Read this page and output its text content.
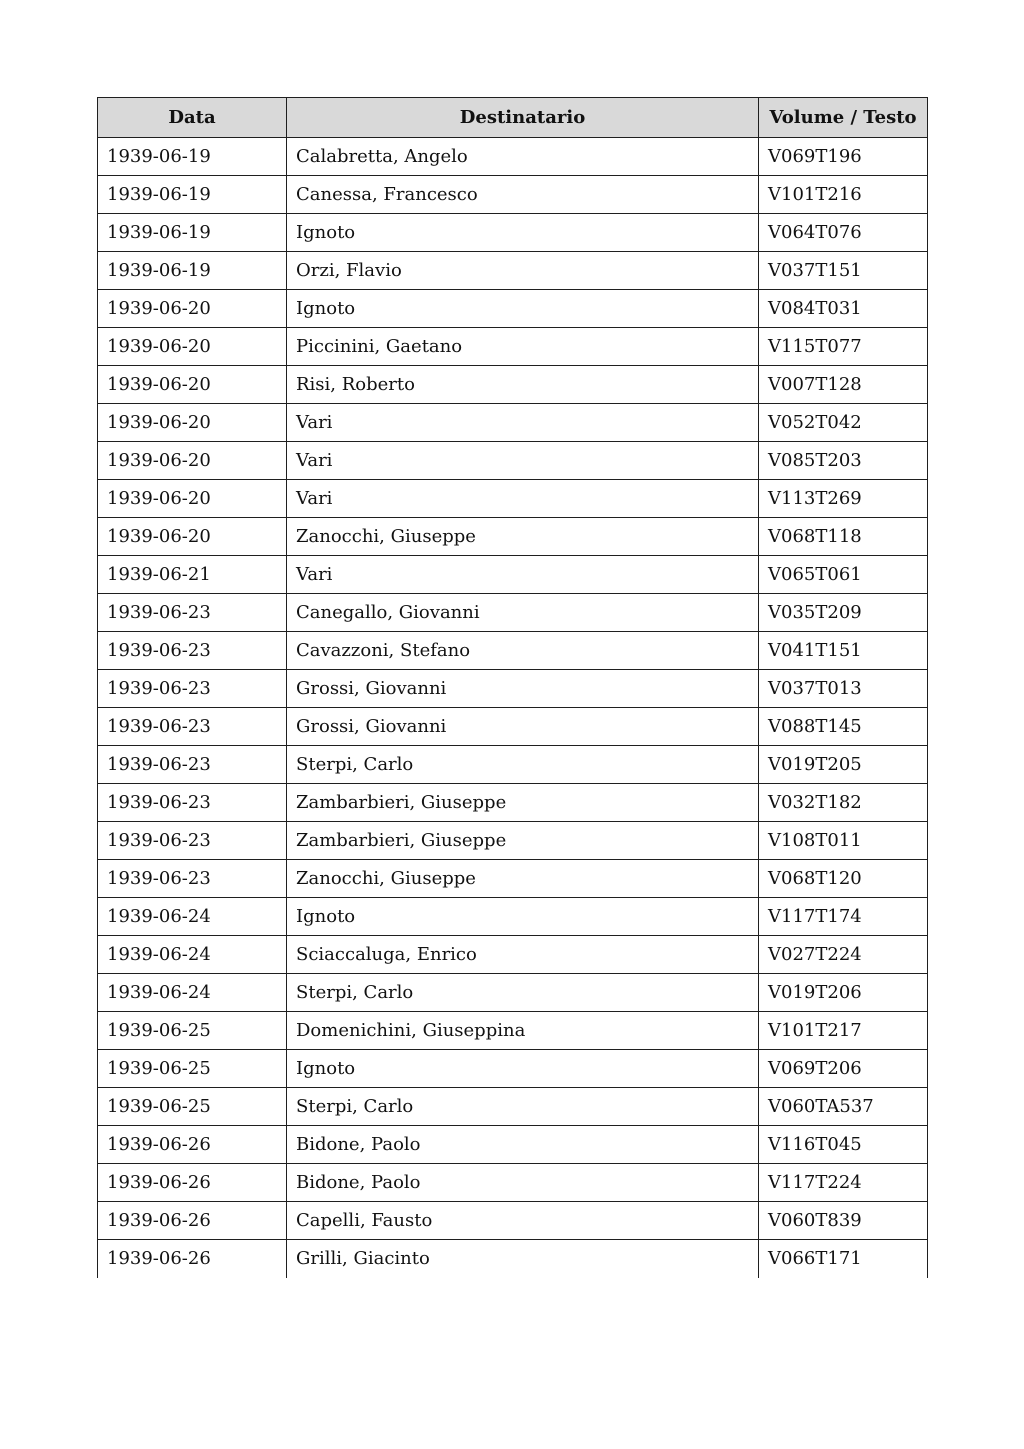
Data	Destinatario	Volume / Testo
1939-06-19	Calabretta, Angelo	V069T196
1939-06-19	Canessa, Francesco	V101T216
1939-06-19	Ignoto	V064T076
1939-06-19	Orzi, Flavio	V037T151
1939-06-20	Ignoto	V084T031
1939-06-20	Piccinini, Gaetano	V115T077
1939-06-20	Risi, Roberto	V007T128
1939-06-20	Vari	V052T042
1939-06-20	Vari	V085T203
1939-06-20	Vari	V113T269
1939-06-20	Zanocchi, Giuseppe	V068T118
1939-06-21	Vari	V065T061
1939-06-23	Canegallo, Giovanni	V035T209
1939-06-23	Cavazzoni, Stefano	V041T151
1939-06-23	Grossi, Giovanni	V037T013
1939-06-23	Grossi, Giovanni	V088T145
1939-06-23	Sterpi, Carlo	V019T205
1939-06-23	Zambarbieri, Giuseppe	V032T182
1939-06-23	Zambarbieri, Giuseppe	V108T011
1939-06-23	Zanocchi, Giuseppe	V068T120
1939-06-24	Ignoto	V117T174
1939-06-24	Sciaccaluga, Enrico	V027T224
1939-06-24	Sterpi, Carlo	V019T206
1939-06-25	Domenichini, Giuseppina	V101T217
1939-06-25	Ignoto	V069T206
1939-06-25	Sterpi, Carlo	V060TA537
1939-06-26	Bidone, Paolo	V116T045
1939-06-26	Bidone, Paolo	V117T224
1939-06-26	Capelli, Fausto	V060T839
1939-06-26	Grilli, Giacinto	V066T171
